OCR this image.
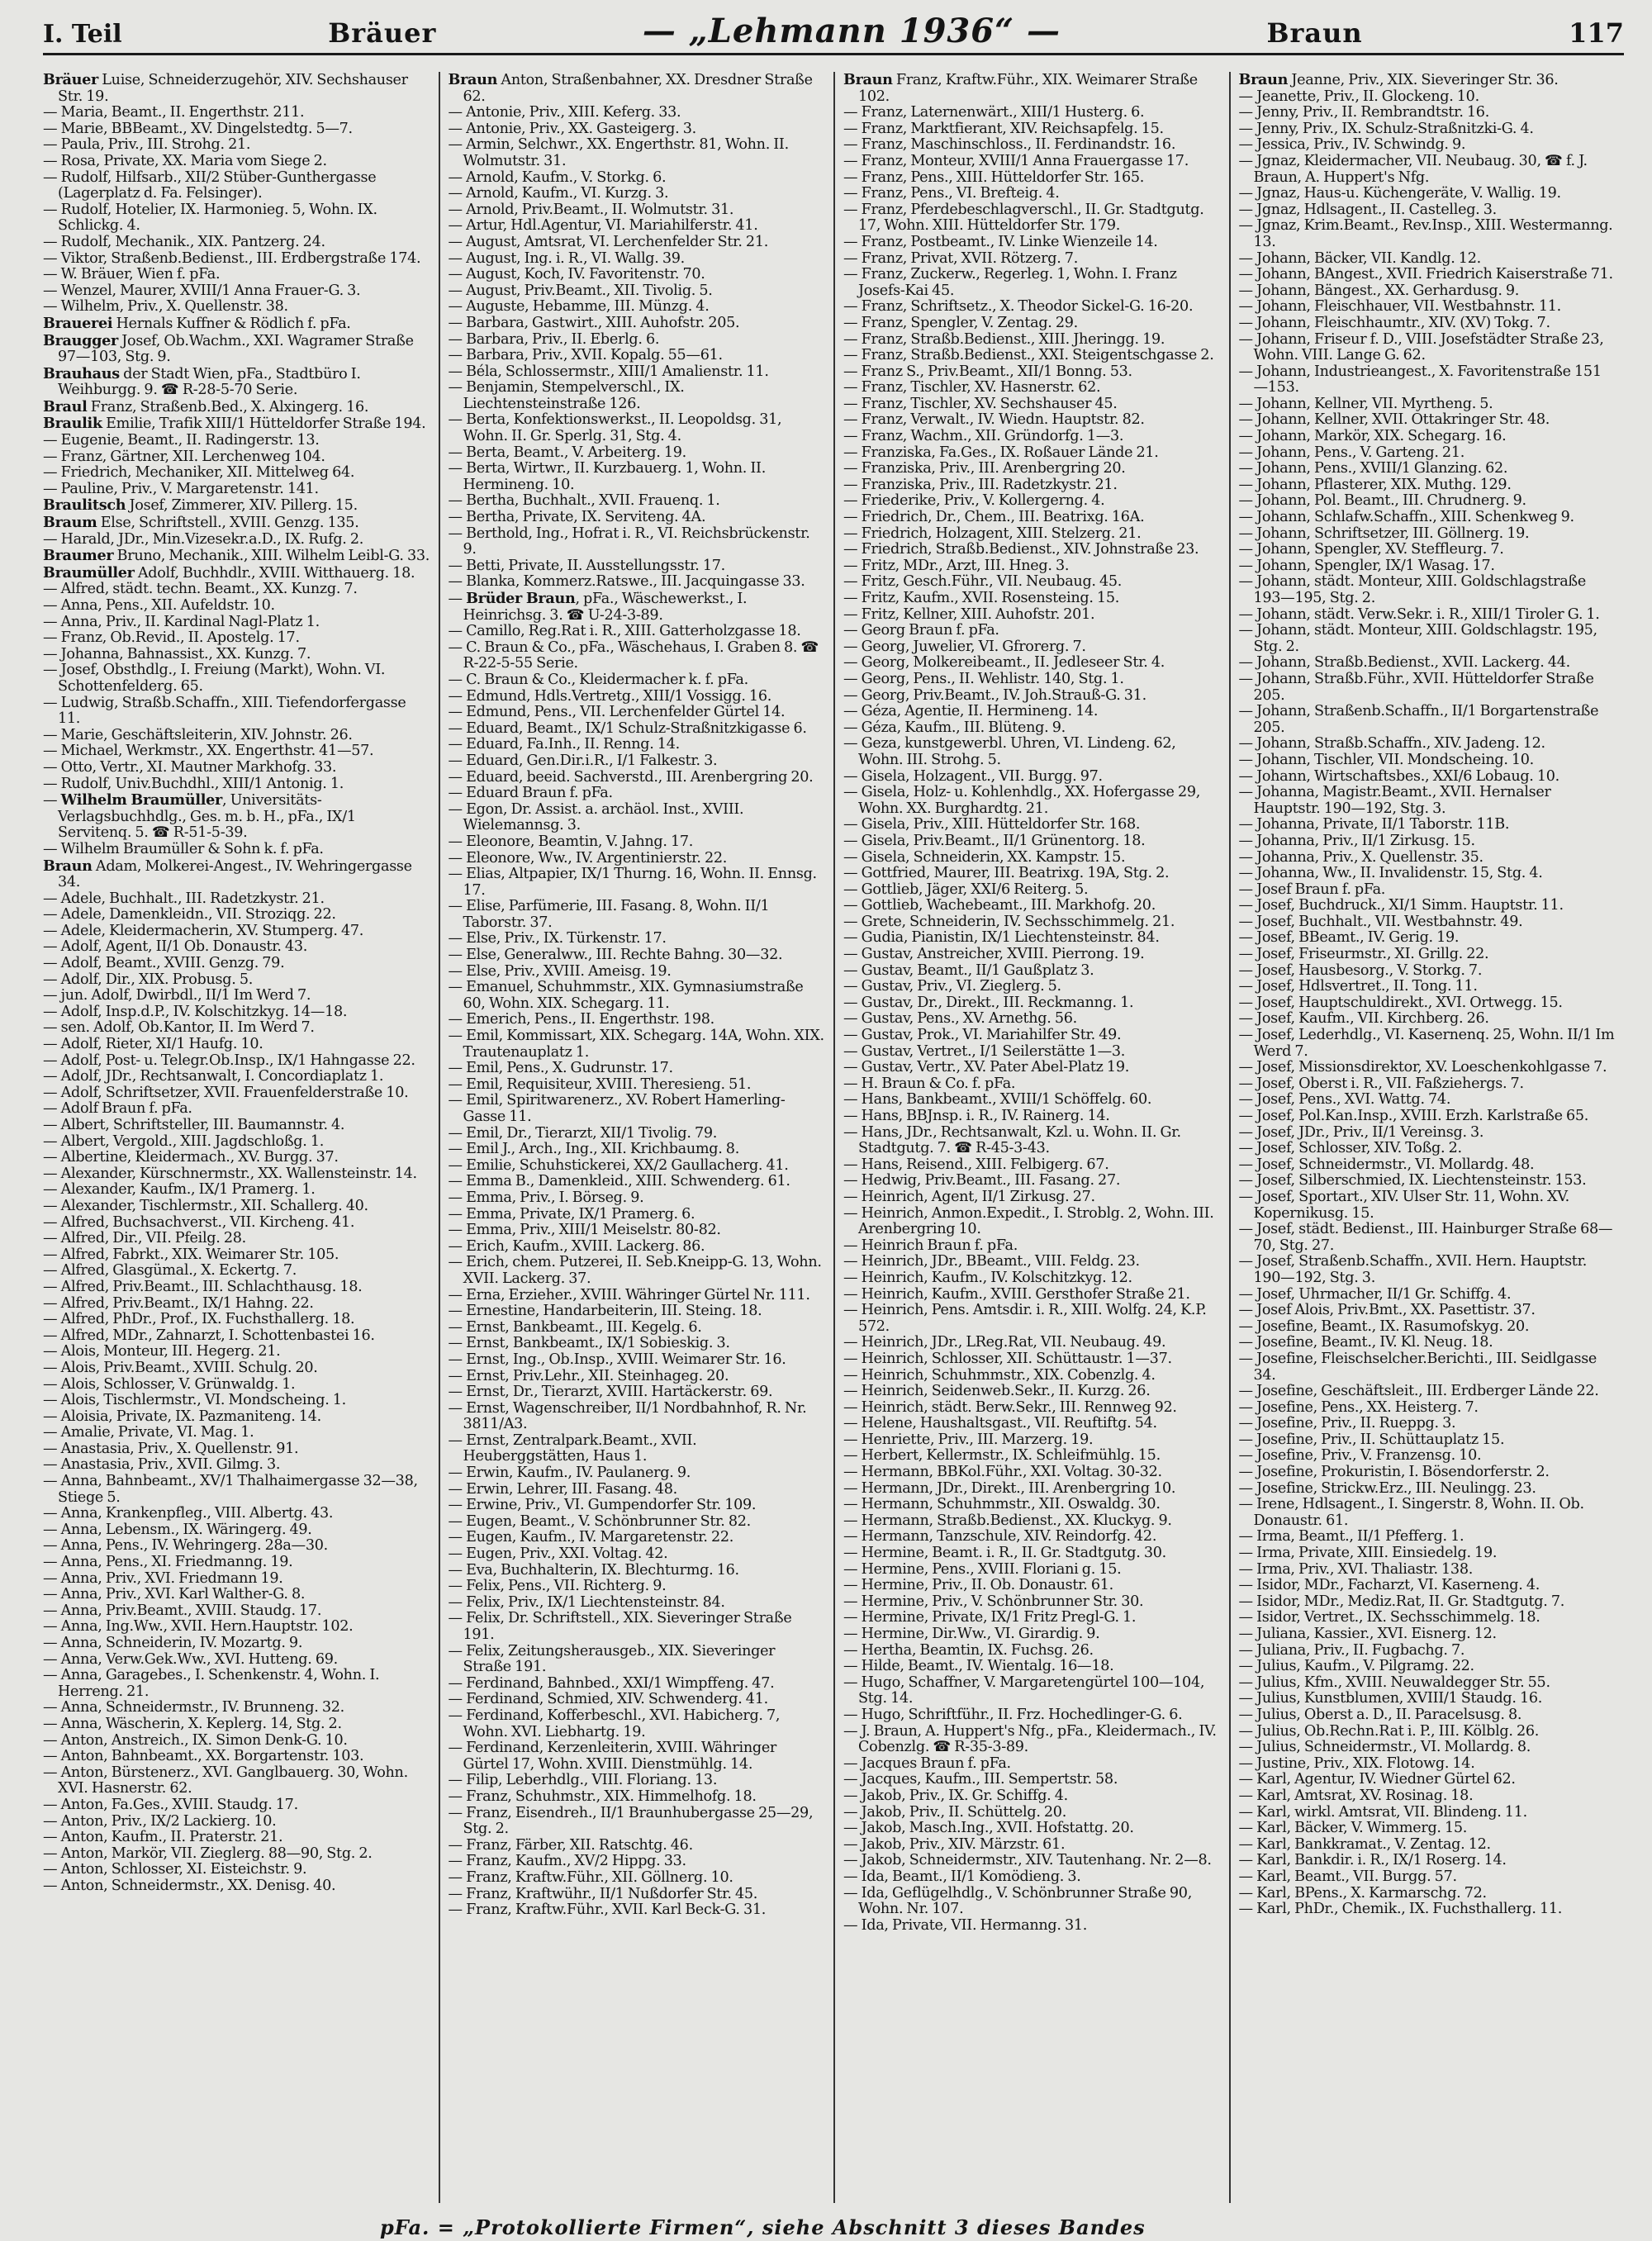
I. Teil	Bräuer	— „Lehmann 1936“ —	Braun	117

Bräuer Luise, Schneiderzugehör, XIV. Sechshauser Str. 19.

— Maria, Beamt., II. Engerthstr. 211.

— Marie, BBBeamt., XV. Dingelstedtg. 5—7.

— Paula, Priv., III. Strohg. 21.

— Rosa, Private, XX. Maria vom Siege 2.

— Rudolf, Hilfsarb., XII/2 Stüber-Gunthergasse (Lagerplatz d. Fa. Felsinger).

— Rudolf, Hotelier, IX. Harmonieg. 5, Wohn. IX. Schlickg. 4.

— Rudolf, Mechanik., XIX. Pantzerg. 24.

— Viktor, Straßenb.Bedienst., III. Erdbergstraße 174.

— W. Bräuer, Wien f. pFa.

— Wenzel, Maurer, XVIII/1 Anna Frauer-G. 3.

— Wilhelm, Priv., X. Quellenstr. 38.

Brauerei Hernals Kuffner & Rödlich f. pFa.

Braugger Josef, Ob.Wachm., XXI. Wagramer Straße 97—103, Stg. 9.

Brauhaus der Stadt Wien, pFa., Stadtbüro I. Weihburgg. 9. ☎ R-28-5-70 Serie.

Braul Franz, Straßenb.Bed., X. Alxingerg. 16.

Braulik Emilie, Trafik XIII/1 Hütteldorfer Straße 194.

— Eugenie, Beamt., II. Radingerstr. 13.

— Franz, Gärtner, XII. Lerchenweg 104.

— Friedrich, Mechaniker, XII. Mittelweg 64.

— Pauline, Priv., V. Margaretenstr. 141.

Braulitsch Josef, Zimmerer, XIV. Pillerg. 15.

Braum Else, Schriftstell., XVIII. Genzg. 135.

— Harald, JDr., Min.Vizesekr.a.D., IX. Rufg. 2.

Braumer Bruno, Mechanik., XIII. Wilhelm Leibl-G. 33.

Braumüller Adolf, Buchhdlr., XVIII. Witthauerg. 18.

— Alfred, städt. techn. Beamt., XX. Kunzg. 7.

— Anna, Pens., XII. Aufeldstr. 10.

— Anna, Priv., II. Kardinal Nagl-Platz 1.

— Franz, Ob.Revid., II. Apostelg. 17.

— Johanna, Bahnassist., XX. Kunzg. 7.

— Josef, Obsthdlg., I. Freiung (Markt), Wohn. VI. Schottenfelderg. 65.

— Ludwig, Straßb.Schaffn., XIII. Tiefendorfergasse 11.

— Marie, Geschäftsleiterin, XIV. Johnstr. 26.

— Michael, Werkmstr., XX. Engerthstr. 41—57.

— Otto, Vertr., XI. Mautner Markhofg. 33.

— Rudolf, Univ.Buchdhl., XIII/1 Antonig. 1.

— Wilhelm Braumüller, Universitäts-Verlagsbuchhdlg., Ges. m. b. H., pFa., IX/1 Servitenq. 5. ☎ R-51-5-39.

— Wilhelm Braumüller & Sohn k. f. pFa.

Braun Adam, Molkerei-Angest., IV. Wehringergasse 34.

— Adele, Buchhalt., III. Radetzkystr. 21.

— Adele, Damenkleidn., VII. Stroziqg. 22.

— Adele, Kleidermacherin, XV. Stumperg. 47.

— Adolf, Agent, II/1 Ob. Donaustr. 43.

— Adolf, Beamt., XVIII. Genzg. 79.

— Adolf, Dir., XIX. Probusg. 5.

— jun. Adolf, Dwirbdl., II/1 Im Werd 7.

— Adolf, Insp.d.P., IV. Kolschitzkyg. 14—18.

— sen. Adolf, Ob.Kantor, II. Im Werd 7.

— Adolf, Rieter, XI/1 Haufg. 10.

— Adolf, Post- u. Telegr.Ob.Insp., IX/1 Hahngasse 22.

— Adolf, JDr., Rechtsanwalt, I. Concordiaplatz 1.

— Adolf, Schriftsetzer, XVII. Frauenfelderstraße 10.

— Adolf Braun f. pFa.

— Albert, Schriftsteller, III. Baumannstr. 4.

— Albert, Vergold., XIII. Jagdschloßg. 1.

— Albertine, Kleidermach., XV. Burgg. 37.

— Alexander, Kürschnermstr., XX. Wallensteinstr. 14.

— Alexander, Kaufm., IX/1 Pramerg. 1.

— Alexander, Tischlermstr., XII. Schallerg. 40.

— Alfred, Buchsachverst., VII. Kircheng. 41.

— Alfred, Dir., VII. Pfeilg. 28.

— Alfred, Fabrkt., XIX. Weimarer Str. 105.

— Alfred, Glasgümal., X. Eckertg. 7.

— Alfred, Priv.Beamt., III. Schlachthausg. 18.

— Alfred, Priv.Beamt., IX/1 Hahng. 22.

— Alfred, PhDr., Prof., IX. Fuchsthallerg. 18.

— Alfred, MDr., Zahnarzt, I. Schottenbastei 16.

— Alois, Monteur, III. Hegerg. 21.

— Alois, Priv.Beamt., XVIII. Schulg. 20.

— Alois, Schlosser, V. Grünwaldg. 1.

— Alois, Tischlermstr., VI. Mondscheing. 1.

— Aloisia, Private, IX. Pazmaniteng. 14.

— Amalie, Private, VI. Mag. 1.

— Anastasia, Priv., X. Quellenstr. 91.

— Anastasia, Priv., XVII. Gilmg. 3.

— Anna, Bahnbeamt., XV/1 Thalhaimergasse 32—38, Stiege 5.

— Anna, Krankenpfleg., VIII. Albertg. 43.

— Anna, Lebensm., IX. Wäringerg. 49.

— Anna, Pens., IV. Wehringerg. 28a—30.

— Anna, Pens., XI. Friedmanng. 19.

— Anna, Priv., XVI. Friedmann 19.

— Anna, Priv., XVI. Karl Walther-G. 8.

— Anna, Priv.Beamt., XVIII. Staudg. 17.

— Anna, Ing.Ww., XVII. Hern.Hauptstr. 102.

— Anna, Schneiderin, IV. Mozartg. 9.

— Anna, Verw.Gek.Ww., XVI. Hutteng. 69.

— Anna, Garagebes., I. Schenkenstr. 4, Wohn. I. Herreng. 21.

— Anna, Schneidermstr., IV. Brunneng. 32.

— Anna, Wäscherin, X. Keplerg. 14, Stg. 2.

— Anton, Anstreich., IX. Simon Denk-G. 10.

— Anton, Bahnbeamt., XX. Borgartenstr. 103.

— Anton, Bürstenerz., XVI. Ganglbauerg. 30, Wohn. XVI. Hasnerstr. 62.

— Anton, Fa.Ges., XVIII. Staudg. 17.

— Anton, Priv., IX/2 Lackierg. 10.

— Anton, Kaufm., II. Praterstr. 21.

— Anton, Markör, VII. Zieglerg. 88—90, Stg. 2.

— Anton, Schlosser, XI. Eisteichstr. 9.

— Anton, Schneidermstr., XX. Denisg. 40.

Braun Anton, Straßenbahner, XX. Dresdner Straße 62.

— Antonie, Priv., XIII. Keferg. 33.

— Antonie, Priv., XX. Gasteigerg. 3.

— Armin, Selchwr., XX. Engerthstr. 81, Wohn. II. Wolmutstr. 31.

— Arnold, Kaufm., V. Storkg. 6.

— Arnold, Kaufm., VI. Kurzg. 3.

— Arnold, Priv.Beamt., II. Wolmutstr. 31.

— Artur, Hdl.Agentur, VI. Mariahilferstr. 41.

— August, Amtsrat, VI. Lerchenfelder Str. 21.

— August, Ing. i. R., VI. Wallg. 39.

— August, Koch, IV. Favoritenstr. 70.

— August, Priv.Beamt., XII. Tivolig. 5.

— Auguste, Hebamme, III. Münzg. 4.

— Barbara, Gastwirt., XIII. Auhofstr. 205.

— Barbara, Priv., II. Eberlg. 6.

— Barbara, Priv., XVII. Kopalg. 55—61.

— Béla, Schlossermstr., XIII/1 Amalienstr. 11.

— Benjamin, Stempelverschl., IX. Liechtensteinstraße 126.

— Berta, Konfektionswerkst., II. Leopoldsg. 31, Wohn. II. Gr. Sperlg. 31, Stg. 4.

— Berta, Beamt., V. Arbeiterg. 19.

— Berta, Wirtwr., II. Kurzbauerg. 1, Wohn. II. Hermineng. 10.

— Bertha, Buchhalt., XVII. Frauenq. 1.

— Bertha, Private, IX. Serviteng. 4A.

— Berthold, Ing., Hofrat i. R., VI. Reichsbrückenstr. 9.

— Betti, Private, II. Ausstellungsstr. 17.

— Blanka, Kommerz.Ratswe., III. Jacquingasse 33.

— Brüder Braun, pFa., Wäschewerkst., I. Heinrichsg. 3. ☎ U-24-3-89.

— Camillo, Reg.Rat i. R., XIII. Gatterholzgasse 18.

— C. Braun & Co., pFa., Wäschehaus, I. Graben 8. ☎ R-22-5-55 Serie.

— C. Braun & Co., Kleidermacher k. f. pFa.

— Edmund, Hdls.Vertretg., XIII/1 Vossigg. 16.

— Edmund, Pens., VII. Lerchenfelder Gürtel 14.

— Eduard, Beamt., IX/1 Schulz-Straßnitzkigasse 6.

— Eduard, Fa.Inh., II. Renng. 14.

— Eduard, Gen.Dir.i.R., I/1 Falkestr. 3.

— Eduard, beeid. Sachverstd., III. Arenbergring 20.

— Eduard Braun f. pFa.

— Egon, Dr. Assist. a. archäol. Inst., XVIII. Wielemannsg. 3.

— Eleonore, Beamtin, V. Jahng. 17.

— Eleonore, Ww., IV. Argentinierstr. 22.

— Elias, Altpapier, IX/1 Thurng. 16, Wohn. II. Ennsg. 17.

— Elise, Parfümerie, III. Fasang. 8, Wohn. II/1 Taborstr. 37.

— Else, Priv., IX. Türkenstr. 17.

— Else, Generalww., III. Rechte Bahng. 30—32.

— Else, Priv., XVIII. Ameisg. 19.

— Emanuel, Schuhmmstr., XIX. Gymnasiumstraße 60, Wohn. XIX. Schegarg. 11.

— Emerich, Pens., II. Engerthstr. 198.

— Emil, Kommissart, XIX. Schegarg. 14A, Wohn. XIX. Trautenauplatz 1.

— Emil, Pens., X. Gudrunstr. 17.

— Emil, Requisiteur, XVIII. Theresieng. 51.

— Emil, Spiritwarenerz., XV. Robert Hamerling-Gasse 11.

— Emil, Dr., Tierarzt, XII/1 Tivolig. 79.

— Emil J., Arch., Ing., XII. Krichbaumg. 8.

— Emilie, Schuhstickerei, XX/2 Gaullacherg. 41.

— Emma B., Damenkleid., XIII. Schwenderg. 61.

— Emma, Priv., I. Börseg. 9.

— Emma, Private, IX/1 Pramerg. 6.

— Emma, Priv., XIII/1 Meiselstr. 80-82.

— Erich, Kaufm., XVIII. Lackerg. 86.

— Erich, chem. Putzerei, II. Seb.Kneipp-G. 13, Wohn. XVII. Lackerg. 37.

— Erna, Erzieher., XVIII. Währinger Gürtel Nr. 111.

— Ernestine, Handarbeiterin, III. Steing. 18.

— Ernst, Bankbeamt., III. Kegelg. 6.

— Ernst, Bankbeamt., IX/1 Sobieskig. 3.

— Ernst, Ing., Ob.Insp., XVIII. Weimarer Str. 16.

— Ernst, Priv.Lehr., XII. Steinhageg. 20.

— Ernst, Dr., Tierarzt, XVIII. Hartäckerstr. 69.

— Ernst, Wagenschreiber, II/1 Nordbahnhof, R. Nr. 3811/A3.

— Ernst, Zentralpark.Beamt., XVII. Heuberggstätten, Haus 1.

— Erwin, Kaufm., IV. Paulanerg. 9.

— Erwin, Lehrer, III. Fasang. 48.

— Erwine, Priv., VI. Gumpendorfer Str. 109.

— Eugen, Beamt., V. Schönbrunner Str. 82.

— Eugen, Kaufm., IV. Margaretenstr. 22.

— Eugen, Priv., XXI. Voltag. 42.

— Eva, Buchhalterin, IX. Blechturmg. 16.

— Felix, Pens., VII. Richterg. 9.

— Felix, Priv., IX/1 Liechtensteinstr. 84.

— Felix, Dr. Schriftstell., XIX. Sieveringer Straße 191.

— Felix, Zeitungsherausgeb., XIX. Sieveringer Straße 191.

— Ferdinand, Bahnbed., XXI/1 Wimpffeng. 47.

— Ferdinand, Schmied, XIV. Schwenderg. 41.

— Ferdinand, Kofferbeschl., XVI. Habicherg. 7, Wohn. XVI. Liebhartg. 19.

— Ferdinand, Kerzenleiterin, XVIII. Währinger Gürtel 17, Wohn. XVIII. Dienstmühlg. 14.

— Filip, Leberhdlg., VIII. Floriang. 13.

— Franz, Schuhmstr., XIX. Himmelhofg. 18.

— Franz, Eisendreh., II/1 Braunhubergasse 25—29, Stg. 2.

— Franz, Färber, XII. Ratschtg. 46.

— Franz, Kaufm., XV/2 Hippg. 33.

— Franz, Kraftw.Führ., XII. Göllnerg. 10.

— Franz, Kraftwühr., II/1 Nußdorfer Str. 45.

— Franz, Kraftw.Führ., XVII. Karl Beck-G. 31.

Braun Franz, Kraftw.Führ., XIX. Weimarer Straße 102.

— Franz, Laternenwärt., XIII/1 Husterg. 6.

— Franz, Marktfierant, XIV. Reichsapfelg. 15.

— Franz, Maschinschloss., II. Ferdinandstr. 16.

— Franz, Monteur, XVIII/1 Anna Frauergasse 17.

— Franz, Pens., XIII. Hütteldorfer Str. 165.

— Franz, Pens., VI. Brefteig. 4.

— Franz, Pferdebeschlagverschl., II. Gr. Stadtgutg. 17, Wohn. XIII. Hütteldorfer Str. 179.

— Franz, Postbeamt., IV. Linke Wienzeile 14.

— Franz, Privat, XVII. Rötzerg. 7.

— Franz, Zuckerw., Regerleg. 1, Wohn. I. Franz Josefs-Kai 45.

— Franz, Schriftsetz., X. Theodor Sickel-G. 16-20.

— Franz, Spengler, V. Zentag. 29.

— Franz, Straßb.Bedienst., XIII. Jheringg. 19.

— Franz, Straßb.Bedienst., XXI. Steigentschgasse 2.

— Franz S., Priv.Beamt., XII/1 Bonng. 53.

— Franz, Tischler, XV. Hasnerstr. 62.

— Franz, Tischler, XV. Sechshauser 45.

— Franz, Verwalt., IV. Wiedn. Hauptstr. 82.

— Franz, Wachm., XII. Gründorfg. 1—3.

— Franziska, Fa.Ges., IX. Roßauer Lände 21.

— Franziska, Priv., III. Arenbergring 20.

— Franziska, Priv., III. Radetzkystr. 21.

— Friederike, Priv., V. Kollergerng. 4.

— Friedrich, Dr., Chem., III. Beatrixg. 16A.

— Friedrich, Holzagent, XIII. Stelzerg. 21.

— Friedrich, Straßb.Bedienst., XIV. Johnstraße 23.

— Fritz, MDr., Arzt, III. Hneg. 3.

— Fritz, Gesch.Führ., VII. Neubaug. 45.

— Fritz, Kaufm., XVII. Rosensteing. 15.

— Fritz, Kellner, XIII. Auhofstr. 201.

— Georg Braun f. pFa.

— Georg, Juwelier, VI. Gfrorerg. 7.

— Georg, Molkereibeamt., II. Jedleseer Str. 4.

— Georg, Pens., II. Wehlistr. 140, Stg. 1.

— Georg, Priv.Beamt., IV. Joh.Strauß-G. 31.

— Géza, Agentie, II. Hermineng. 14.

— Géza, Kaufm., III. Blüteng. 9.

— Geza, kunstgewerbl. Uhren, VI. Lindeng. 62, Wohn. III. Strohg. 5.

— Gisela, Holzagent., VII. Burgg. 97.

— Gisela, Holz- u. Kohlenhdlg., XX. Hofergasse 29, Wohn. XX. Burghardtg. 21.

— Gisela, Priv., XIII. Hütteldorfer Str. 168.

— Gisela, Priv.Beamt., II/1 Grünentorg. 18.

— Gisela, Schneiderin, XX. Kampstr. 15.

— Gottfried, Maurer, III. Beatrixg. 19A, Stg. 2.

— Gottlieb, Jäger, XXI/6 Reiterg. 5.

— Gottlieb, Wachebeamt., III. Markhofg. 20.

— Grete, Schneiderin, IV. Sechsschimmelg. 21.

— Gudia, Pianistin, IX/1 Liechtensteinstr. 84.

— Gustav, Anstreicher, XVIII. Pierrong. 19.

— Gustav, Beamt., II/1 Gaußplatz 3.

— Gustav, Priv., VI. Zieglerg. 5.

— Gustav, Dr., Direkt., III. Reckmanng. 1.

— Gustav, Pens., XV. Arnethg. 56.

— Gustav, Prok., VI. Mariahilfer Str. 49.

— Gustav, Vertret., I/1 Seilerstätte 1—3.

— Gustav, Vertr., XV. Pater Abel-Platz 19.

— H. Braun & Co. f. pFa.

— Hans, Bankbeamt., XVIII/1 Schöffelg. 60.

— Hans, BBJnsp. i. R., IV. Rainerg. 14.

— Hans, JDr., Rechtsanwalt, Kzl. u. Wohn. II. Gr. Stadtgutg. 7. ☎ R-45-3-43.

— Hans, Reisend., XIII. Felbigerg. 67.

— Hedwig, Priv.Beamt., III. Fasang. 27.

— Heinrich, Agent, II/1 Zirkusg. 27.

— Heinrich, Anmon.Expedit., I. Stroblg. 2, Wohn. III. Arenbergring 10.

— Heinrich Braun f. pFa.

— Heinrich, JDr., BBeamt., VIII. Feldg. 23.

— Heinrich, Kaufm., IV. Kolschitzkyg. 12.

— Heinrich, Kaufm., XVIII. Gersthofer Straße 21.

— Heinrich, Pens. Amtsdir. i. R., XIII. Wolfg. 24, K.P. 572.

— Heinrich, JDr., LReg.Rat, VII. Neubaug. 49.

— Heinrich, Schlosser, XII. Schüttaustr. 1—37.

— Heinrich, Schuhmmstr., XIX. Cobenzlg. 4.

— Heinrich, Seidenweb.Sekr., II. Kurzg. 26.

— Heinrich, städt. Berw.Sekr., III. Rennweg 92.

— Helene, Haushaltsgast., VII. Reuftiftg. 54.

— Henriette, Priv., III. Marzerg. 19.

— Herbert, Kellermstr., IX. Schleifmühlg. 15.

— Hermann, BBKol.Führ., XXI. Voltag. 30-32.

— Hermann, JDr., Direkt., III. Arenbergring 10.

— Hermann, Schuhmmstr., XII. Oswaldg. 30.

— Hermann, Straßb.Bedienst., XX. Kluckyg. 9.

— Hermann, Tanzschule, XIV. Reindorfg. 42.

— Hermine, Beamt. i. R., II. Gr. Stadtgutg. 30.

— Hermine, Pens., XVIII. Floriani g. 15.

— Hermine, Priv., II. Ob. Donaustr. 61.

— Hermine, Priv., V. Schönbrunner Str. 30.

— Hermine, Private, IX/1 Fritz Pregl-G. 1.

— Hermine, Dir.Ww., VI. Girardig. 9.

— Hertha, Beamtin, IX. Fuchsg. 26.

— Hilde, Beamt., IV. Wientalg. 16—18.

— Hugo, Schaffner, V. Margaretengürtel 100—104, Stg. 14.

— Hugo, Schriftführ., II. Frz. Hochedlinger-G. 6.

— J. Braun, A. Huppert's Nfg., pFa., Kleidermach., IV. Cobenzlg. ☎ R-35-3-89.

— Jacques Braun f. pFa.

— Jacques, Kaufm., III. Sempertstr. 58.

— Jakob, Priv., IX. Gr. Schiffg. 4.

— Jakob, Priv., II. Schüttelg. 20.

— Jakob, Masch.Ing., XVII. Hofstattg. 20.

— Jakob, Priv., XIV. Märzstr. 61.

— Jakob, Schneidermstr., XIV. Tautenhang. Nr. 2—8.

— Ida, Beamt., II/1 Komödieng. 3.

— Ida, Geflügelhdlg., V. Schönbrunner Straße 90, Wohn. Nr. 107.

— Ida, Private, VII. Hermanng. 31.

Braun Jeanne, Priv., XIX. Sieveringer Str. 36.

— Jeanette, Priv., II. Glockeng. 10.

— Jenny, Priv., II. Rembrandtstr. 16.

— Jenny, Priv., IX. Schulz-Straßnitzki-G. 4.

— Jessica, Priv., IV. Schwindg. 9.

— Jgnaz, Kleidermacher, VII. Neubaug. 30, ☎ f. J. Braun, A. Huppert's Nfg.

— Jgnaz, Haus-u. Küchengeräte, V. Wallig. 19.

— Jgnaz, Hdlsagent., II. Castelleg. 3.

— Jgnaz, Krim.Beamt., Rev.Insp., XIII. Westermanng. 13.

— Johann, Bäcker, VII. Kandlg. 12.

— Johann, BAngest., XVII. Friedrich Kaiserstraße 71.

— Johann, Bängest., XX. Gerhardusg. 9.

— Johann, Fleischhauer, VII. Westbahnstr. 11.

— Johann, Fleischhaumtr., XIV. (XV) Tokg. 7.

— Johann, Friseur f. D., VIII. Josefstädter Straße 23, Wohn. VIII. Lange G. 62.

— Johann, Industrieangest., X. Favoritenstraße 151—153.

— Johann, Kellner, VII. Myrtheng. 5.

— Johann, Kellner, XVII. Ottakringer Str. 48.

— Johann, Markör, XIX. Schegarg. 16.

— Johann, Pens., V. Garteng. 21.

— Johann, Pens., XVIII/1 Glanzing. 62.

— Johann, Pflasterer, XIX. Muthg. 129.

— Johann, Pol. Beamt., III. Chrudnerg. 9.

— Johann, Schlafw.Schaffn., XIII. Schenkweg 9.

— Johann, Schriftsetzer, III. Göllnerg. 19.

— Johann, Spengler, XV. Steffleurg. 7.

— Johann, Spengler, IX/1 Wasag. 17.

— Johann, städt. Monteur, XIII. Goldschlagstraße 193—195, Stg. 2.

— Johann, städt. Verw.Sekr. i. R., XIII/1 Tiroler G. 1.

— Johann, städt. Monteur, XIII. Goldschlagstr. 195, Stg. 2.

— Johann, Straßb.Bedienst., XVII. Lackerg. 44.

— Johann, Straßb.Führ., XVII. Hütteldorfer Straße 205.

— Johann, Straßenb.Schaffn., II/1 Borgartenstraße 205.

— Johann, Straßb.Schaffn., XIV. Jadeng. 12.

— Johann, Tischler, VII. Mondscheing. 10.

— Johann, Wirtschaftsbes., XXI/6 Lobaug. 10.

— Johanna, Magistr.Beamt., XVII. Hernalser Hauptstr. 190—192, Stg. 3.

— Johanna, Private, II/1 Taborstr. 11B.

— Johanna, Priv., II/1 Zirkusg. 15.

— Johanna, Priv., X. Quellenstr. 35.

— Johanna, Ww., II. Invalidenstr. 15, Stg. 4.

— Josef Braun f. pFa.

— Josef, Buchdruck., XI/1 Simm. Hauptstr. 11.

— Josef, Buchhalt., VII. Westbahnstr. 49.

— Josef, BBeamt., IV. Gerig. 19.

— Josef, Friseurmstr., XI. Grillg. 22.

— Josef, Hausbesorg., V. Storkg. 7.

— Josef, Hdlsvertret., II. Tong. 11.

— Josef, Hauptschuldirekt., XVI. Ortwegg. 15.

— Josef, Kaufm., VII. Kirchberg. 26.

— Josef, Lederhdlg., VI. Kasernenq. 25, Wohn. II/1 Im Werd 7.

— Josef, Missionsdirektor, XV. Loeschenkohlgasse 7.

— Josef, Oberst i. R., VII. Faßziehergs. 7.

— Josef, Pens., XVI. Wattg. 74.

— Josef, Pol.Kan.Insp., XVIII. Erzh. Karlstraße 65.

— Josef, JDr., Priv., II/1 Vereinsg. 3.

— Josef, Schlosser, XIV. Toßg. 2.

— Josef, Schneidermstr., VI. Mollardg. 48.

— Josef, Silberschmied, IX. Liechtensteinstr. 153.

— Josef, Sportart., XIV. Ulser Str. 11, Wohn. XV. Kopernikusg. 15.

— Josef, städt. Bedienst., III. Hainburger Straße 68—70, Stg. 27.

— Josef, Straßenb.Schaffn., XVII. Hern. Hauptstr. 190—192, Stg. 3.

— Josef, Uhrmacher, II/1 Gr. Schiffg. 4.

— Josef Alois, Priv.Bmt., XX. Pasettistr. 37.

— Josefine, Beamt., IX. Rasumofskyg. 20.

— Josefine, Beamt., IV. Kl. Neug. 18.

— Josefine, Fleischselcher.Berichti., III. Seidlgasse 34.

— Josefine, Geschäftsleit., III. Erdberger Lände 22.

— Josefine, Pens., XX. Heisterg. 7.

— Josefine, Priv., II. Rueppg. 3.

— Josefine, Priv., II. Schüttauplatz 15.

— Josefine, Priv., V. Franzensg. 10.

— Josefine, Prokuristin, I. Bösendorferstr. 2.

— Josefine, Strickw.Erz., III. Neulingg. 23.

— Irene, Hdlsagent., I. Singerstr. 8, Wohn. II. Ob. Donaustr. 61.

— Irma, Beamt., II/1 Pfefferg. 1.

— Irma, Private, XIII. Einsiedelg. 19.

— Irma, Priv., XVI. Thaliastr. 138.

— Isidor, MDr., Facharzt, VI. Kaserneng. 4.

— Isidor, MDr., Mediz.Rat, II. Gr. Stadtgutg. 7.

— Isidor, Vertret., IX. Sechsschimmelg. 18.

— Juliana, Kassier., XVI. Eisnerg. 12.

— Juliana, Priv., II. Fugbachg. 7.

— Julius, Kaufm., V. Pilgramg. 22.

— Julius, Kfm., XVIII. Neuwaldegger Str. 55.

— Julius, Kunstblumen, XVIII/1 Staudg. 16.

— Julius, Oberst a. D., II. Paracelsusg. 8.

— Julius, Ob.Rechn.Rat i. P., III. Kölblg. 26.

— Julius, Schneidermstr., VI. Mollardg. 8.

— Justine, Priv., XIX. Flotowg. 14.

— Karl, Agentur, IV. Wiedner Gürtel 62.

— Karl, Amtsrat, XV. Rosinag. 18.

— Karl, wirkl. Amtsrat, VII. Blindeng. 11.

— Karl, Bäcker, V. Wimmerg. 15.

— Karl, Bankkramat., V. Zentag. 12.

— Karl, Bankdir. i. R., IX/1 Roserg. 14.

— Karl, Beamt., VII. Burgg. 57.

— Karl, BPens., X. Karmarschg. 72.

— Karl, PhDr., Chemik., IX. Fuchsthallerg. 11.

pFa. = „Protokollierte Firmen“, siehe Abschnitt 3 dieses Bandes
